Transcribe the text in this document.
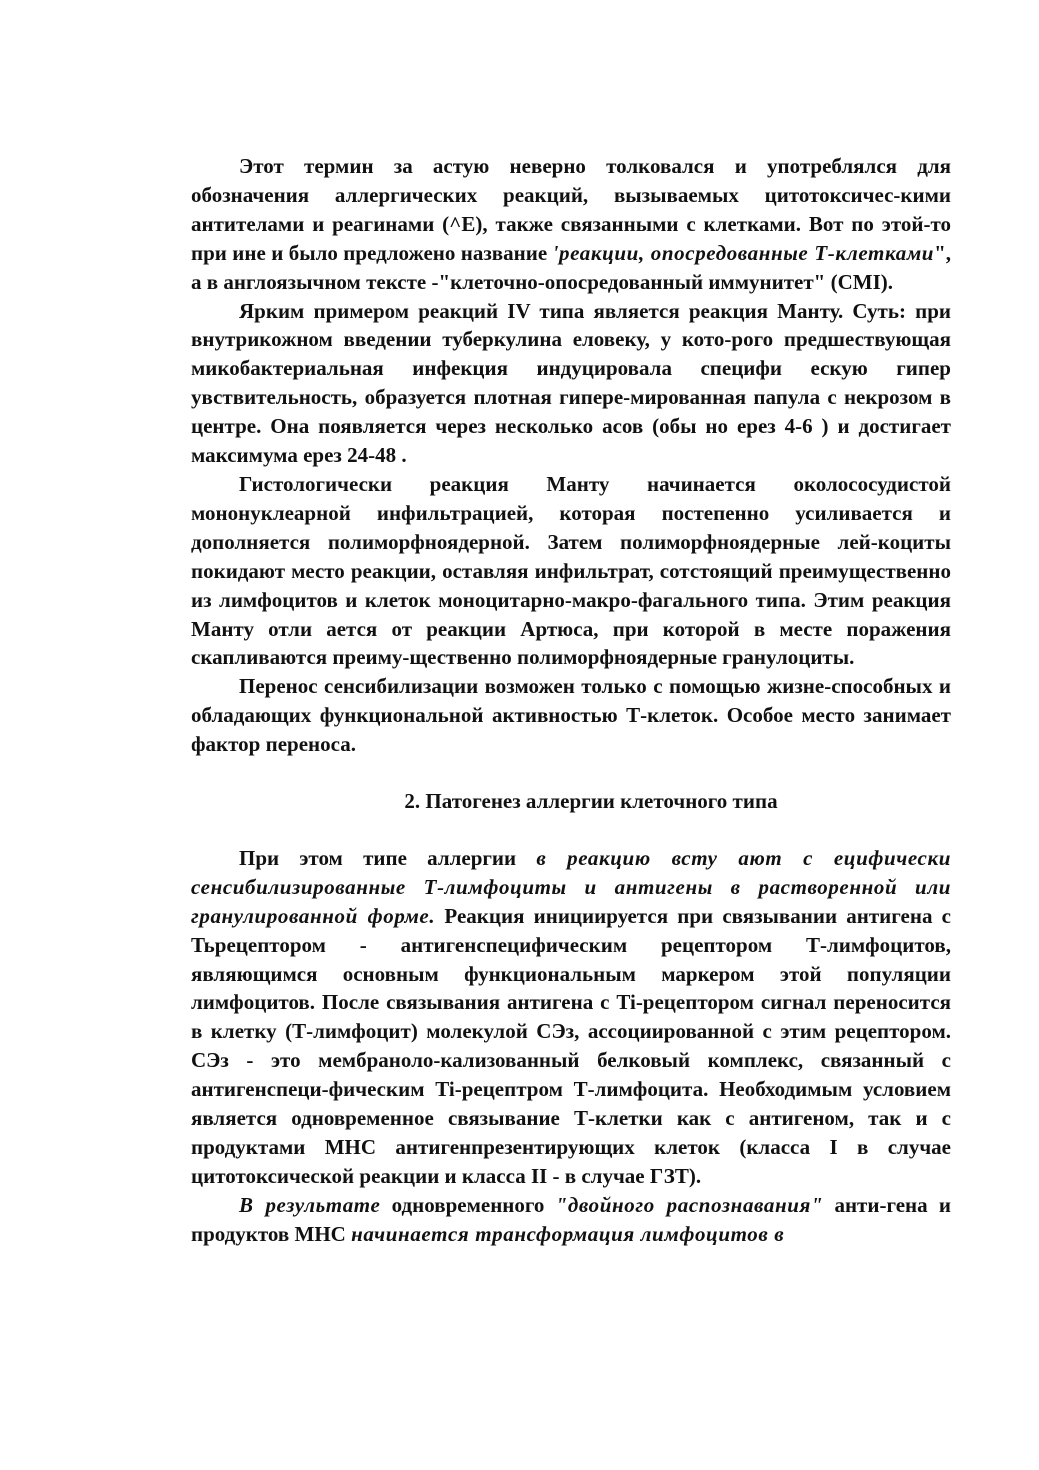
Этот термин за астую неверно толковался и употреблялся для обозначения аллергических реакций, вызываемых цитотоксичес-кими антителами и реагинами (^E), также связанными с клетками. Вот по этой-то при ине и было предложено название 'реакции, опосредованные Т-клетками", а в англоязычном тексте -"клеточно-опосредованный иммунитет" (CMI).

Ярким примером реакций IV типа является реакция Манту. Суть: при внутрикожном введении туберкулина еловеку, у кото-рого предшествующая микобактериальная инфекция индуцировала специфи ескую гипер увствительность, образуется плотная гипере-мированная папула с некрозом в центре. Она появляется через несколько асов (обы но ерез 4-6 ) и достигает максимума ерез 24-48 .

Гистологически реакция Манту начинается околососудистой мононуклеарной инфильтрацией, которая постепенно усиливается и дополняется полиморфноядерной. Затем полиморфноядерные лей-коциты покидают место реакции, оставляя инфильтрат, сотстоящий преимущественно из лимфоцитов и клеток моноцитарно-макро-фагального типа. Этим реакция Манту отли ается от реакции Артюса, при которой в месте поражения скапливаются преиму-щественно полиморфноядерные гранулоциты.

Перенос сенсибилизации возможен только с помощью жизне-способных и обладающих функциональной активностью Т-клеток. Особое место занимает фактор переноса.

2. Патогенез аллергии клеточного типа

При этом типе аллергии в реакцию всту ают с ецифически сенсибилизированные Т-лимфоциты и антигены в растворенной или гранулированной форме. Реакция инициируется при связывании антигена с Тьрецептором - антигенспецифическим рецептором Т-лимфоцитов, являющимся основным функциональным маркером этой популяции лимфоцитов. После связывания антигена с Ti-рецептором сигнал переносится в клетку (Т-лимфоцит) молекулой СЭз, ассоциированной с этим рецептором. СЭз - это мембраноло-кализованный белковый комплекс, связанный с антигенспеци-фическим Ti-рецептром Т-лимфоцита. Необходимым условием является одновременное связывание Т-клетки как с антигеном, так и с продуктами МНС антигенпрезентирующих клеток (класса I в случае цитотоксической реакции и класса II - в случае ГЗТ).

В результате одновременного "двойного распознавания" анти-гена и продуктов МНС начинается трансформация лимфоцитов в
